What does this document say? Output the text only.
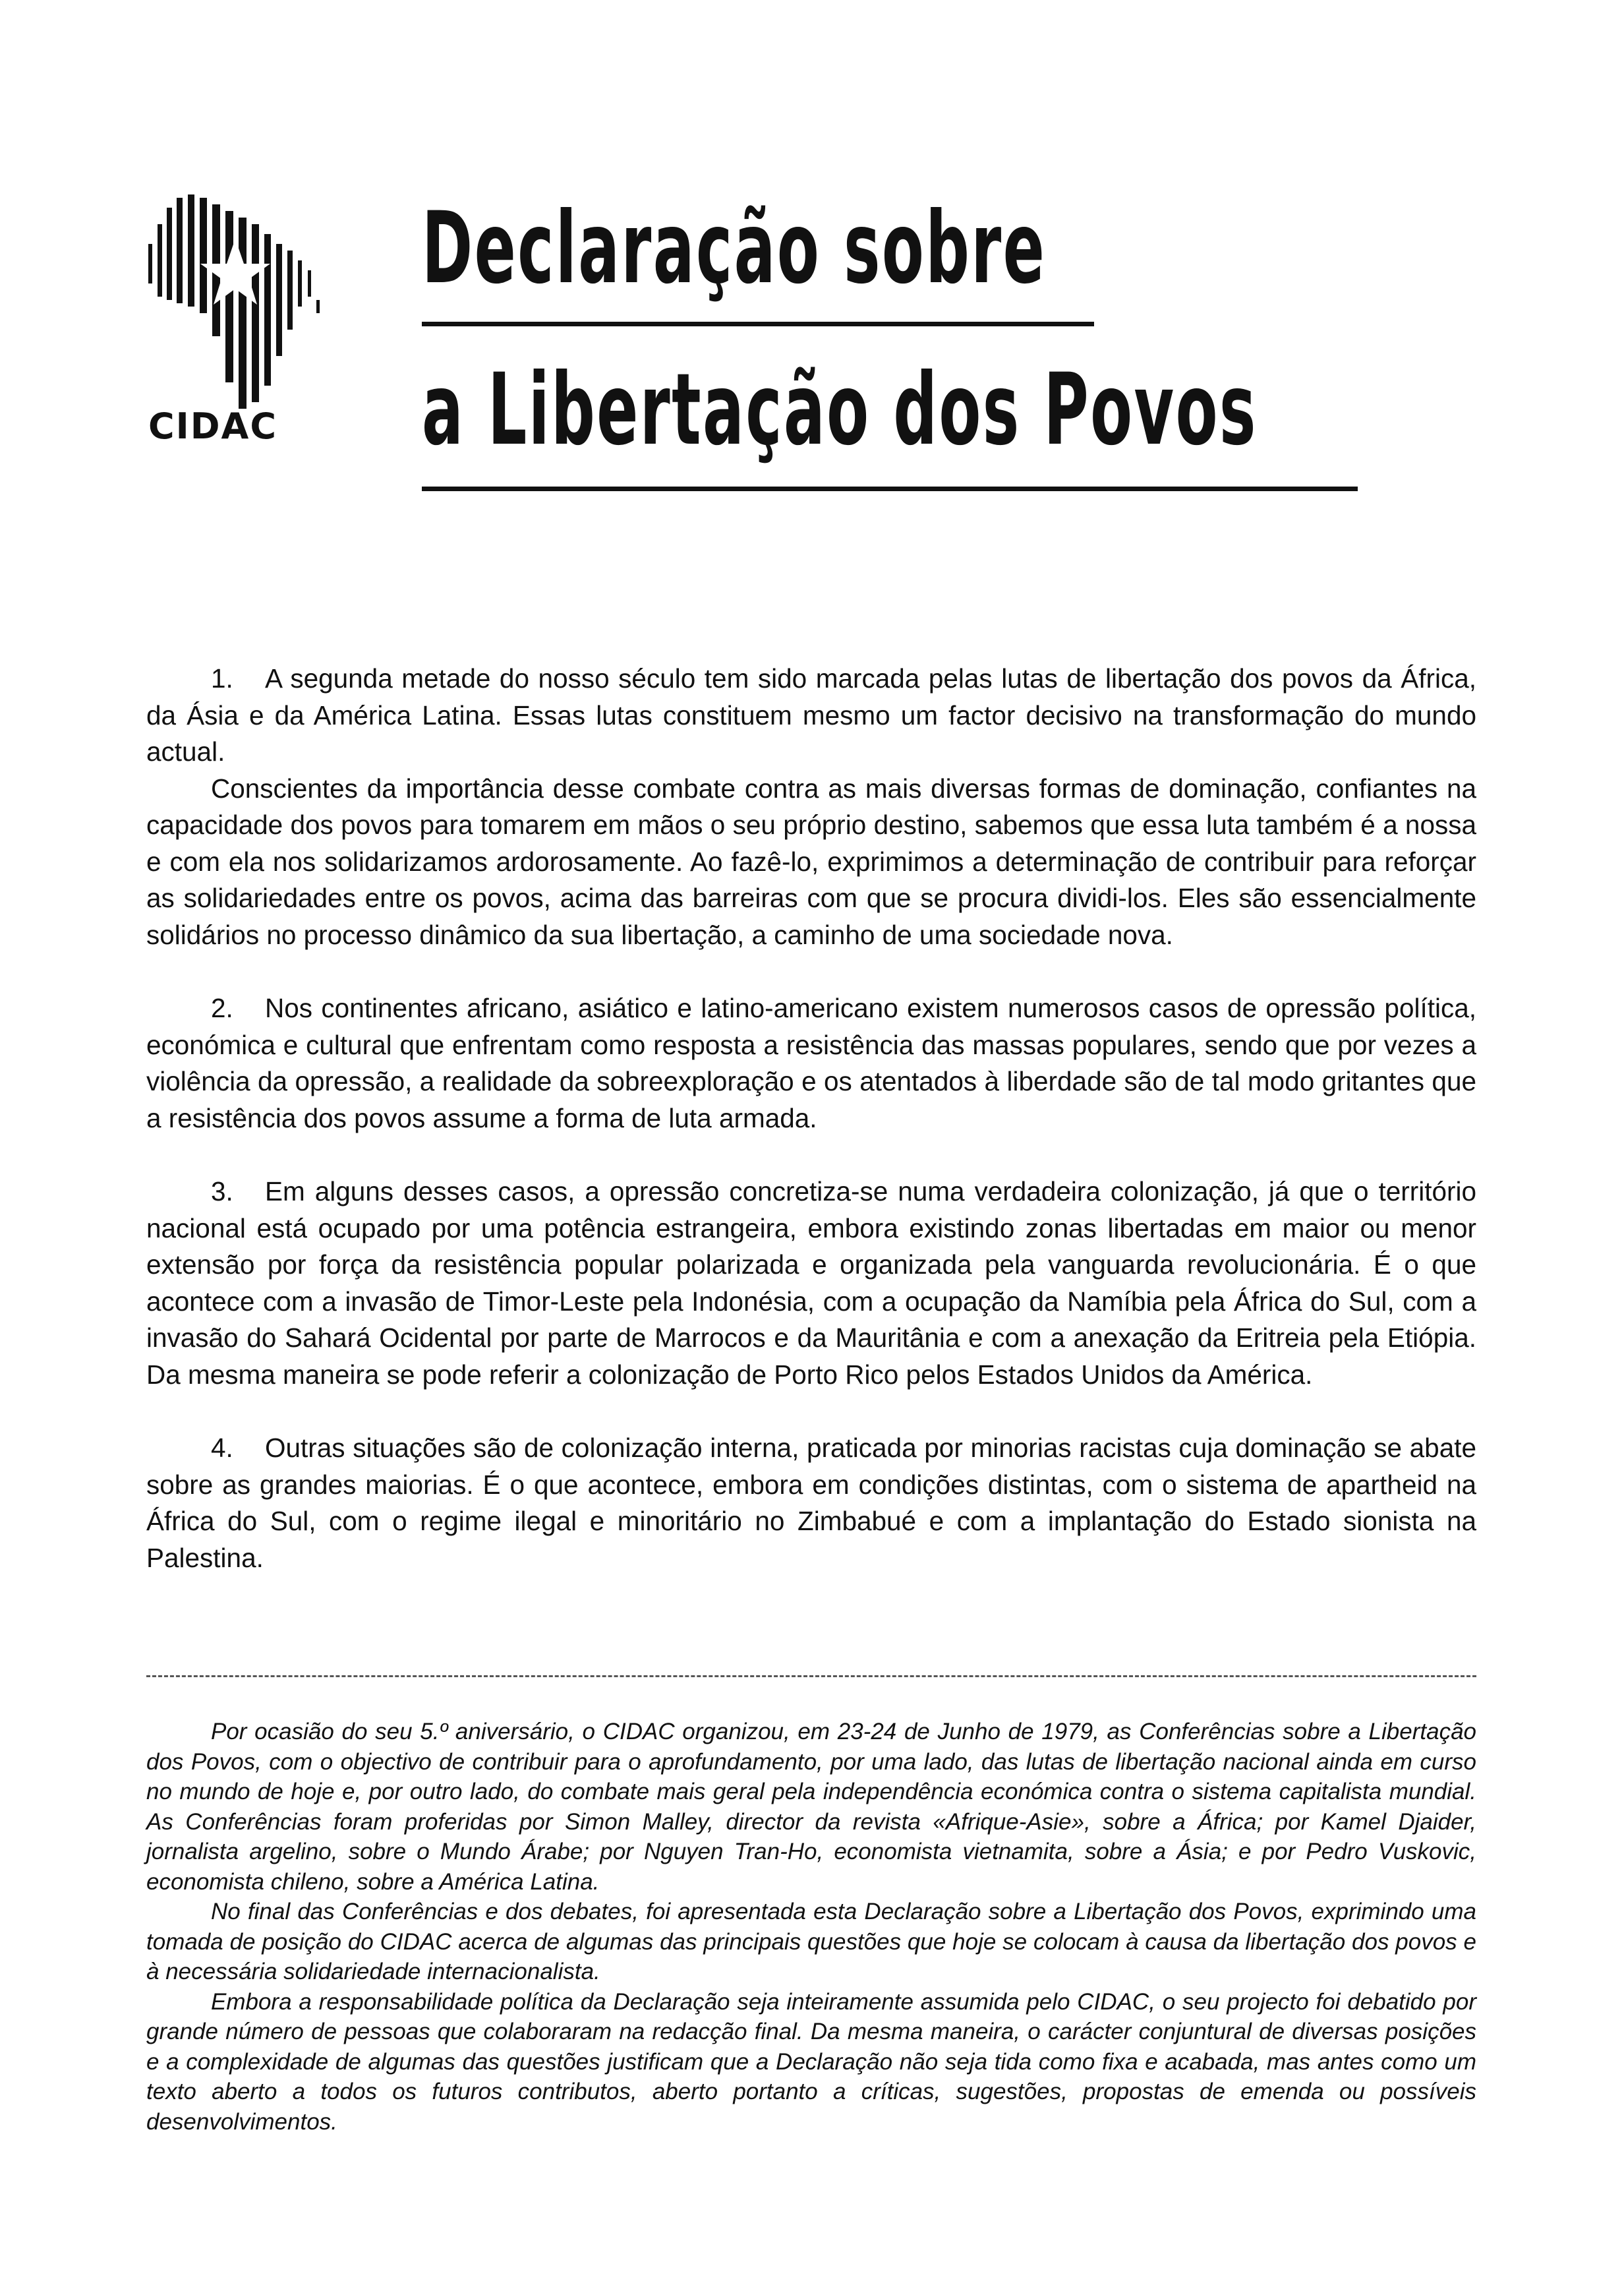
CIDAC
Declaração sobre
a Libertação dos Povos

1. A segunda metade do nosso século tem sido marcada pelas lutas de libertação dos povos da África, da Ásia e da América Latina. Essas lutas constituem mesmo um factor decisivo na transformação do mundo actual.

Conscientes da importância desse combate contra as mais diversas formas de dominação, confiantes na capacidade dos povos para tomarem em mãos o seu próprio destino, sabemos que essa luta também é a nossa e com ela nos solidarizamos ardorosamente. Ao fazê-lo, exprimimos a determinação de contribuir para reforçar as solidariedades entre os povos, acima das barreiras com que se procura dividi-los. Eles são essencialmente solidários no processo dinâmico da sua libertação, a caminho de uma sociedade nova.

2. Nos continentes africano, asiático e latino-americano existem numerosos casos de opressão política, económica e cultural que enfrentam como resposta a resistência das massas populares, sendo que por vezes a violência da opressão, a realidade da sobreexploração e os atentados à liberdade são de tal modo gritantes que a resistência dos povos assume a forma de luta armada.

3. Em alguns desses casos, a opressão concretiza-se numa verdadeira colonização, já que o território nacional está ocupado por uma potência estrangeira, embora existindo zonas libertadas em maior ou menor extensão por força da resistência popular polarizada e organizada pela vanguarda revolucionária. É o que acontece com a invasão de Timor-Leste pela Indonésia, com a ocupação da Namíbia pela África do Sul, com a invasão do Sahará Ocidental por parte de Marrocos e da Mauritânia e com a anexação da Eritreia pela Etiópia. Da mesma maneira se pode referir a colonização de Porto Rico pelos Estados Unidos da América.

4. Outras situações são de colonização interna, praticada por minorias racistas cuja dominação se abate sobre as grandes maiorias. É o que acontece, embora em condições distintas, com o sistema de apartheid na África do Sul, com o regime ilegal e minoritário no Zimbabué e com a implantação do Estado sionista na Palestina.

Por ocasião do seu 5.º aniversário, o CIDAC organizou, em 23-24 de Junho de 1979, as Conferências sobre a Libertação dos Povos, com o objectivo de contribuir para o aprofundamento, por uma lado, das lutas de libertação nacional ainda em curso no mundo de hoje e, por outro lado, do combate mais geral pela independência económica contra o sistema capitalista mundial. As Conferências foram proferidas por Simon Malley, director da revista «Afrique-Asie», sobre a África; por Kamel Djaider, jornalista argelino, sobre o Mundo Árabe; por Nguyen Tran-Ho, economista vietnamita, sobre a Ásia; e por Pedro Vuskovic, economista chileno, sobre a América Latina.

No final das Conferências e dos debates, foi apresentada esta Declaração sobre a Libertação dos Povos, exprimindo uma tomada de posição do CIDAC acerca de algumas das principais questões que hoje se colocam à causa da libertação dos povos e à necessária solidariedade internacionalista.

Embora a responsabilidade política da Declaração seja inteiramente assumida pelo CIDAC, o seu projecto foi debatido por grande número de pessoas que colaboraram na redacção final. Da mesma maneira, o carácter conjuntural de diversas posições e a complexidade de algumas das questões justificam que a Declaração não seja tida como fixa e acabada, mas antes como um texto aberto a todos os futuros contributos, aberto portanto a críticas, sugestões, propostas de emenda ou possíveis desenvolvimentos.
